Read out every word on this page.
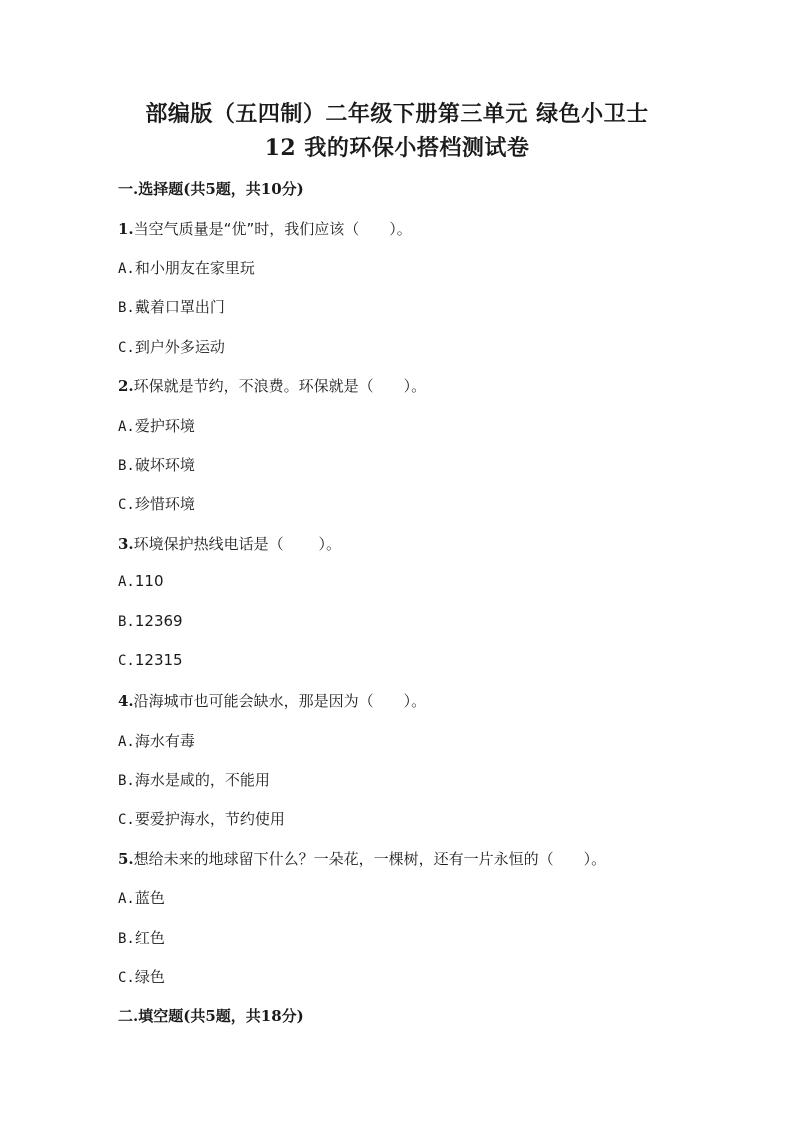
部编版（五四制）二年级下册第三单元 绿色小卫士
12 我的环保小搭档测试卷
一.选择题(共5题，共10分)
1.当空气质量是“优”时，我们应该（　　）。
A.和小朋友在家里玩
B.戴着口罩出门
C.到户外多运动
2.环保就是节约，不浪费。环保就是（　　）。
A.爱护环境
B.破坏环境
C.珍惜环境
3.环境保护热线电话是（　　 ）。
A.110
B.12369
C.12315
4.沿海城市也可能会缺水，那是因为（　　）。
A.海水有毒
B.海水是咸的，不能用
C.要爱护海水，节约使用
5.想给未来的地球留下什么？一朵花，一棵树，还有一片永恒的（　　）。
A.蓝色
B.红色
C.绿色
二.填空题(共5题，共18分)
